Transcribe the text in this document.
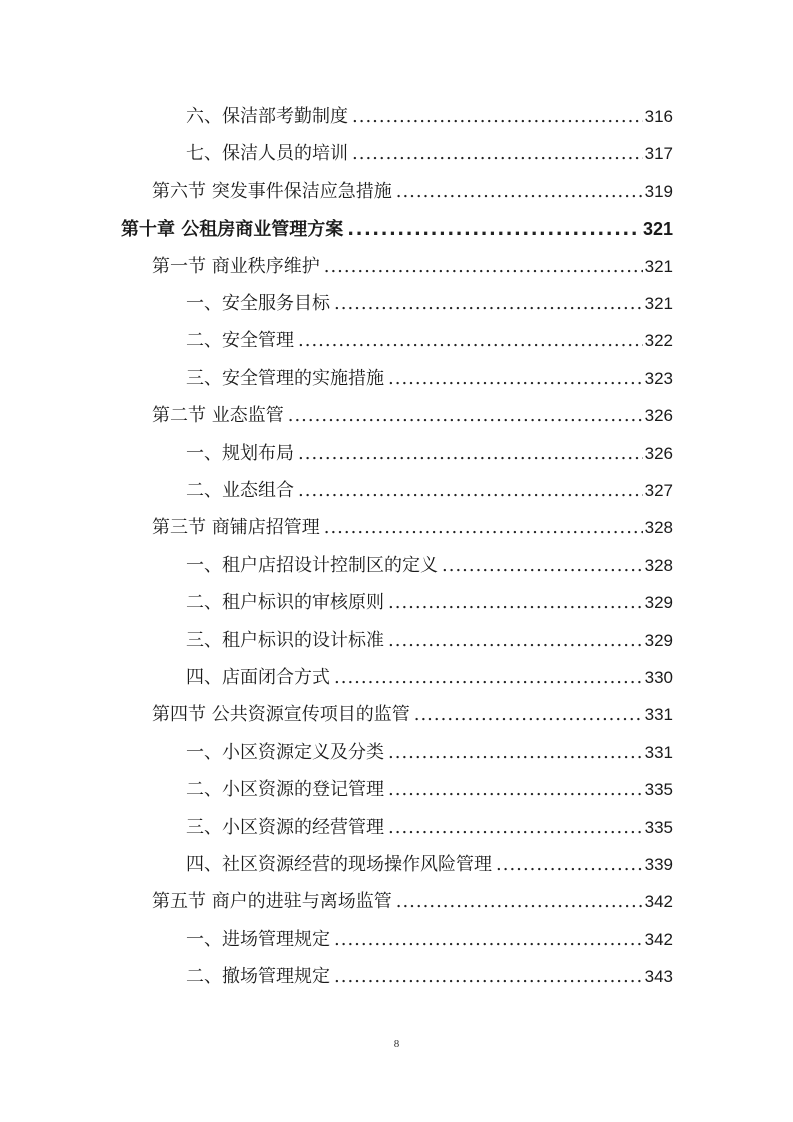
六、保洁部考勤制度 .....	316
七、保洁人员的培训 .....	317
第六节 突发事件保洁应急措施 .....	319
第十章 公租房商业管理方案 .....	321
第一节 商业秩序维护 .....	321
一、安全服务目标 .....	321
二、安全管理 .....	322
三、安全管理的实施措施 .....	323
第二节 业态监管 .....	326
一、规划布局 .....	326
二、业态组合 .....	327
第三节 商铺店招管理 .....	328
一、租户店招设计控制区的定义 .....	328
二、租户标识的审核原则 .....	329
三、租户标识的设计标准 .....	329
四、店面闭合方式 .....	330
第四节 公共资源宣传项目的监管 .....	331
一、小区资源定义及分类 .....	331
二、小区资源的登记管理 .....	335
三、小区资源的经营管理 .....	335
四、社区资源经营的现场操作风险管理 .....	339
第五节 商户的进驻与离场监管 .....	342
一、进场管理规定 .....	342
二、撤场管理规定 .....	343
8
